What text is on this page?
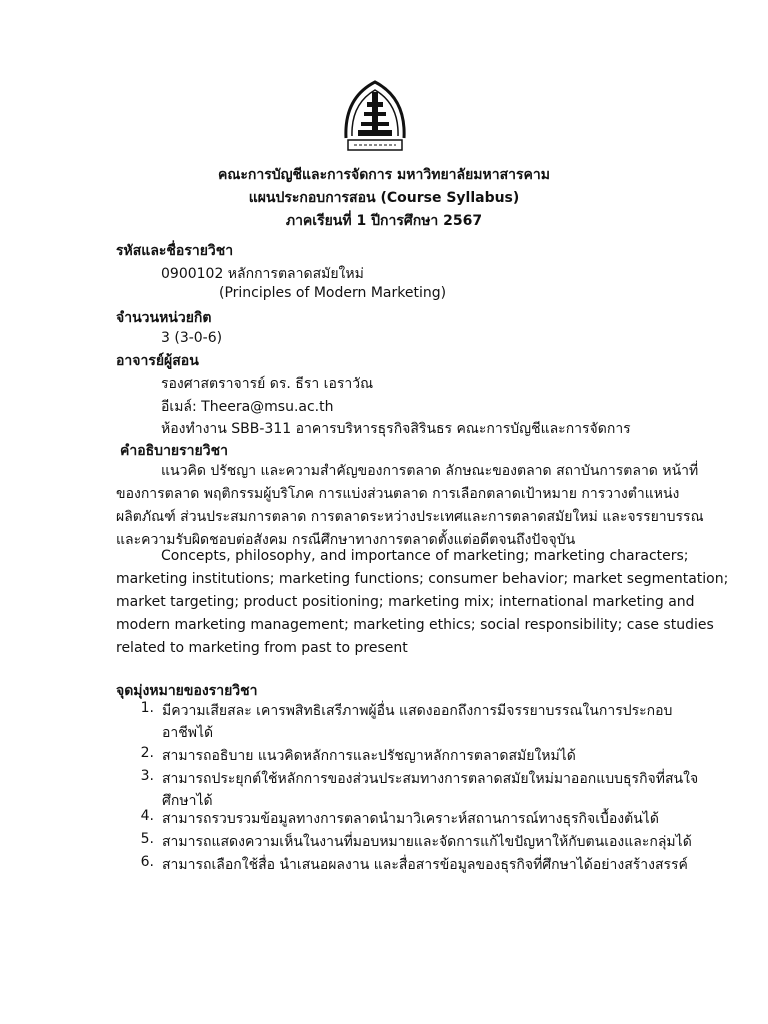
คณะการบัญชีและการจัดการ มหาวิทยาลัยมหาสารคาม
แผนประกอบการสอน (Course Syllabus)
ภาคเรียนที่ 1 ปีการศึกษา 2567
รหัสและชื่อรายวิชา
0900102 หลักการตลาดสมัยใหม่
(Principles of Modern Marketing)
จำนวนหน่วยกิต
3 (3-0-6)
อาจารย์ผู้สอน
รองศาสตราจารย์ ดร. ธีรา เอราวัณ
อีเมล์: Theera@msu.ac.th
ห้องทำงาน SBB-311 อาคารบริหารธุรกิจสิรินธร คณะการบัญชีและการจัดการ
คำอธิบายรายวิชา
แนวคิด ปรัชญา และความสำคัญของการตลาด ลักษณะของตลาด สถาบันการตลาด หน้าที่
ของการตลาด พฤติกรรมผู้บริโภค การแบ่งส่วนตลาด การเลือกตลาดเป้าหมาย การวางตำแหน่ง
ผลิตภัณฑ์ ส่วนประสมการตลาด การตลาดระหว่างประเทศและการตลาดสมัยใหม่ และจรรยาบรรณ
และความรับผิดชอบต่อสังคม กรณีศึกษาทางการตลาดตั้งแต่อดีตจนถึงปัจจุบัน
Concepts, philosophy, and importance of marketing; marketing characters;
marketing institutions; marketing functions; consumer behavior; market segmentation;
market targeting; product positioning; marketing mix; international marketing and
modern marketing management; marketing ethics; social responsibility; case studies
related to marketing from past to present
จุดมุ่งหมายของรายวิชา
1. มีความเสียสละ เคารพสิทธิเสรีภาพผู้อื่น แสดงออกถึงการมีจรรยาบรรณในการประกอบ
อาชีพได้
2. สามารถอธิบาย แนวคิดหลักการและปรัชญาหลักการตลาดสมัยใหม่ได้
3. สามารถประยุกต์ใช้หลักการของส่วนประสมทางการตลาดสมัยใหม่มาออกแบบธุรกิจที่สนใจ
ศึกษาได้
4. สามารถรวบรวมข้อมูลทางการตลาดนำมาวิเคราะห์สถานการณ์ทางธุรกิจเบื้องต้นได้
5. สามารถแสดงความเห็นในงานที่มอบหมายและจัดการแก้ไขปัญหาให้กับตนเองและกลุ่มได้
6. สามารถเลือกใช้สื่อ นำเสนอผลงาน และสื่อสารข้อมูลของธุรกิจที่ศึกษาได้อย่างสร้างสรรค์
